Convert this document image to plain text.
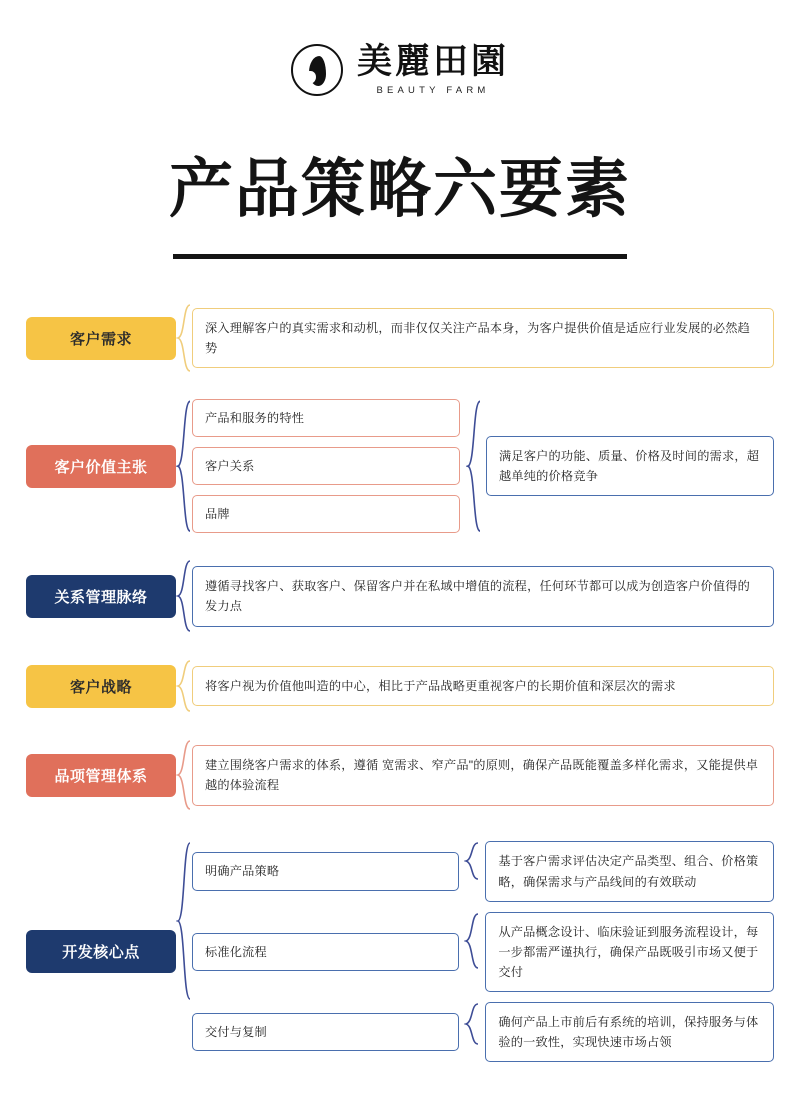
美麗田園
BEAUTY FARM
产品策略六要素
客户需求
深入理解客户的真实需求和动机，而非仅仅关注产品本身，为客户提供价值是适应行业发展的必然趋势
客户价值主张
产品和服务的特性
客户关系
品牌
满足客户的功能、质量、价格及时间的需求，超越单纯的价格竞争
关系管理脉络
遵循寻找客户、获取客户、保留客户并在私域中增值的流程，任何环节都可以成为创造客户价值得的发力点
客户战略	将客户视为价值他叫造的中心，相比于产品战略更重视客户的长期价值和深层次的需求
品项管理体系
建立围绕客户需求的体系，遵循 宽需求、窄产品"的原则，确保产品既能覆盖多样化需求，又能提供卓越的体验流程
开发核心点
明确产品策略
基于客户需求评估决定产品类型、组合、价格策略，确保需求与产品线间的有效联动
标准化流程
从产品概念设计、临床验证到服务流程设计，每一步都需严谨执行，确保产品既吸引市场又便于交付
交付与复制
确何产品上市前后有系统的培训，保持服务与体验的一致性，实现快速市场占领
